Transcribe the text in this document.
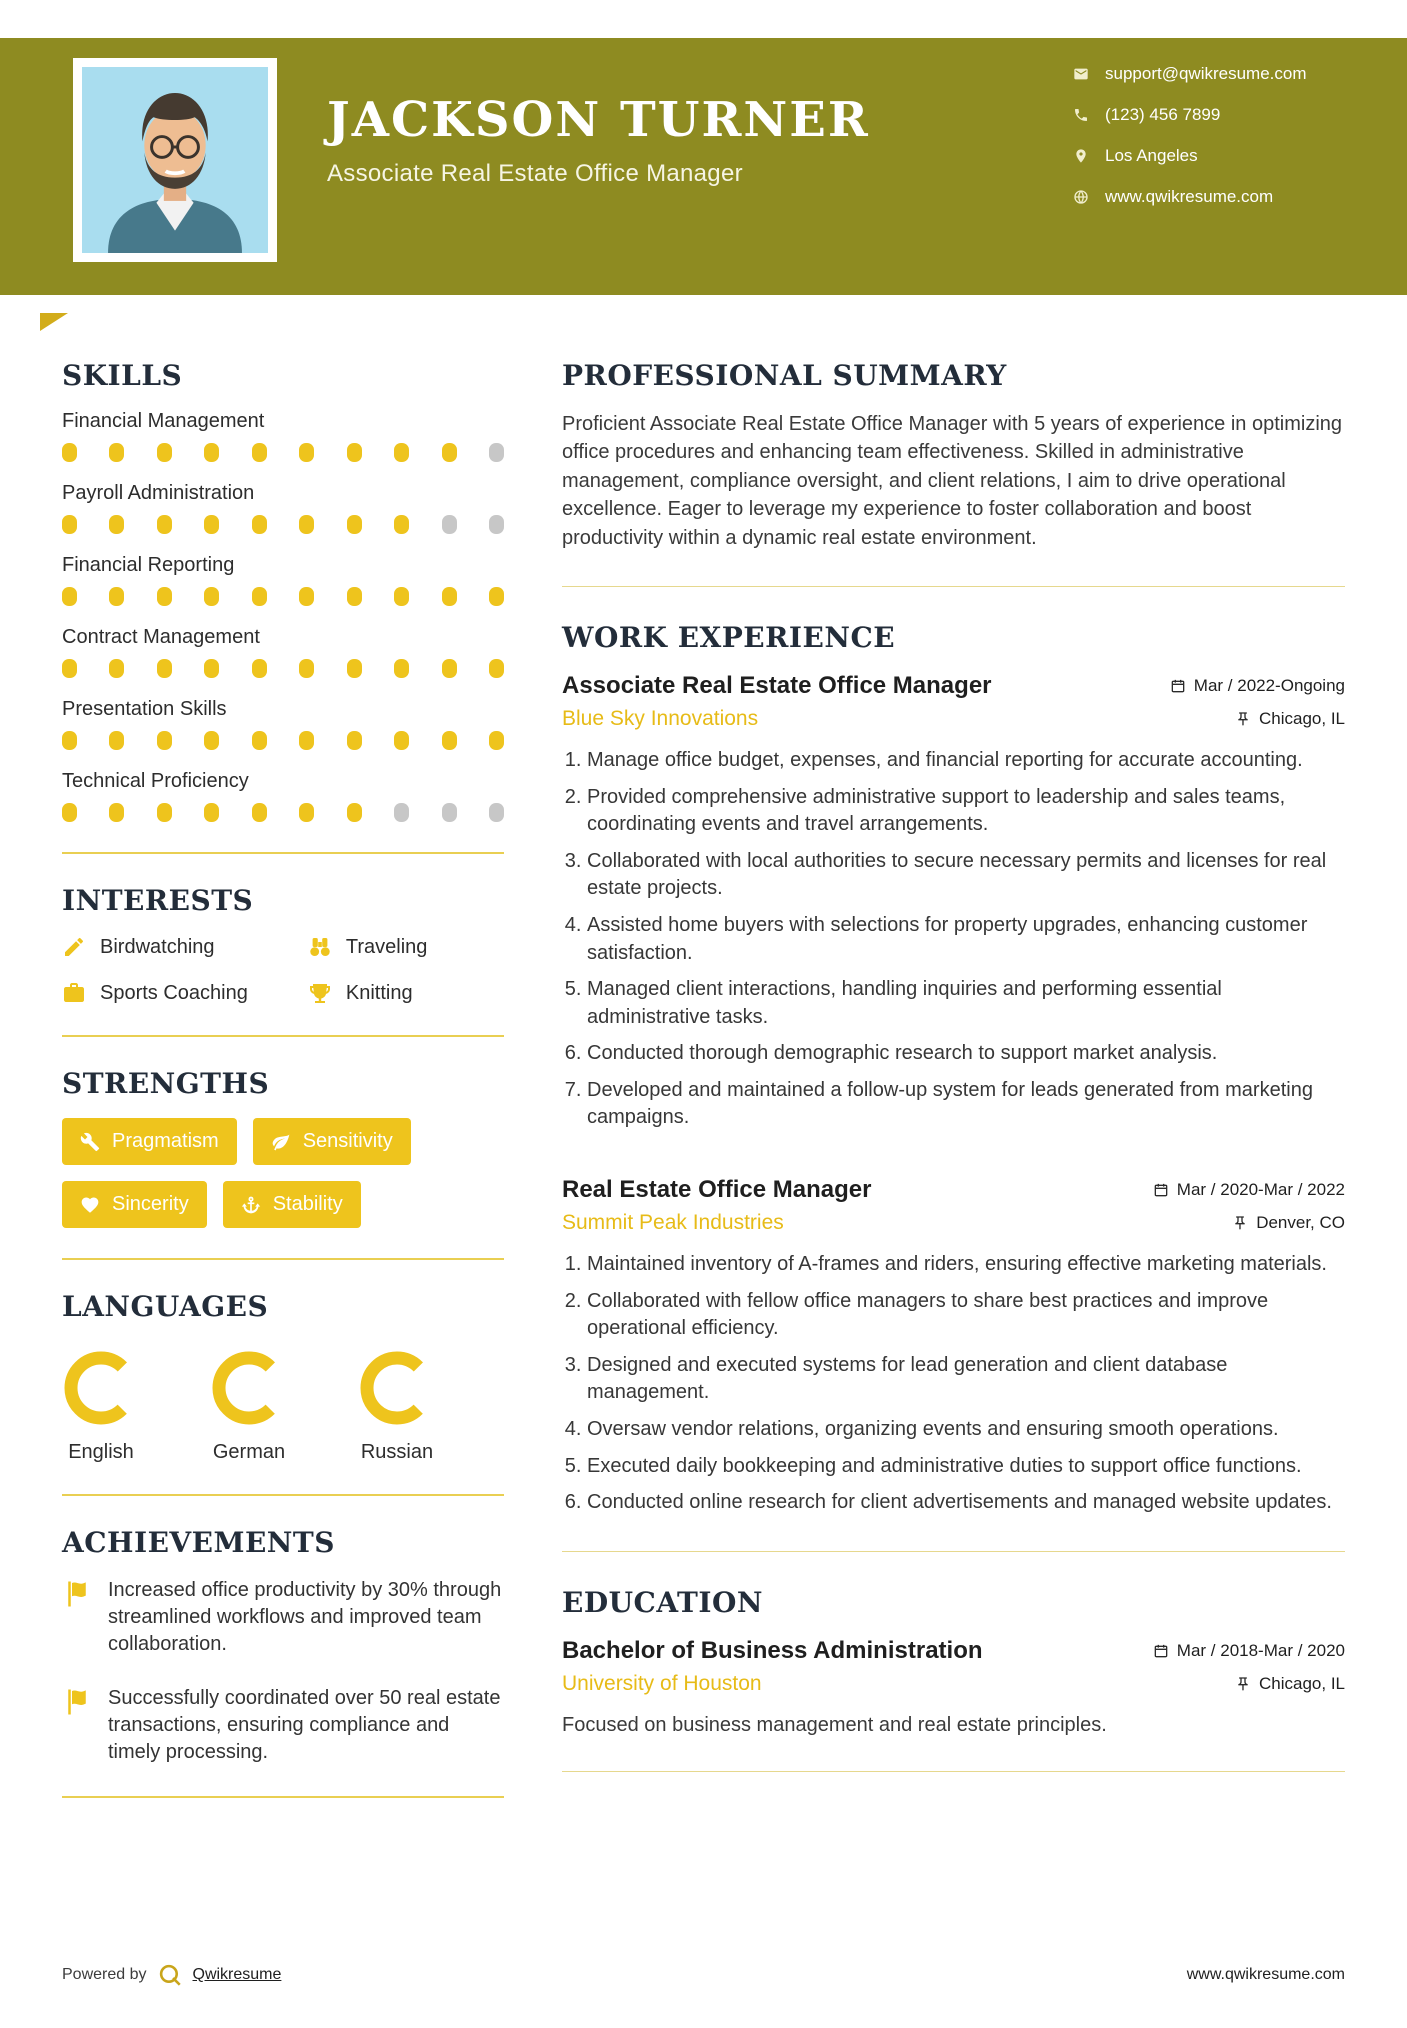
JACKSON TURNER
Associate Real Estate Office Manager
support@qwikresume.com
(123) 456 7899
Los Angeles
www.qwikresume.com
SKILLS
Financial Management
Payroll Administration
Financial Reporting
Contract Management
Presentation Skills
Technical Proficiency
INTERESTS
Birdwatching	Traveling
Sports Coaching	Knitting
STRENGTHS
Pragmatism	Sensitivity
Sincerity	Stability
LANGUAGES
English	German	Russian
ACHIEVEMENTS

Increased office productivity by 30% through streamlined workflows and improved team collaboration.

Successfully coordinated over 50 real estate transactions, ensuring compliance and timely processing.

PROFESSIONAL SUMMARY

Proficient Associate Real Estate Office Manager with 5 years of experience in optimizing office procedures and enhancing team effectiveness. Skilled in administrative management, compliance oversight, and client relations, I aim to drive operational excellence. Eager to leverage my experience to foster collaboration and boost productivity within a dynamic real estate environment.

WORK EXPERIENCE
Associate Real Estate Office Manager	Mar / 2022-Ongoing
Blue Sky Innovations	Chicago, IL
1. Manage office budget, expenses, and financial reporting for accurate accounting.
2. Provided comprehensive administrative support to leadership and sales teams, coordinating events and travel arrangements.
3. Collaborated with local authorities to secure necessary permits and licenses for real estate projects.
4. Assisted home buyers with selections for property upgrades, enhancing customer satisfaction.
5. Managed client interactions, handling inquiries and performing essential administrative tasks.
6. Conducted thorough demographic research to support market analysis.
7. Developed and maintained a follow-up system for leads generated from marketing campaigns.
Real Estate Office Manager	Mar / 2020-Mar / 2022
Summit Peak Industries	Denver, CO
1. Maintained inventory of A-frames and riders, ensuring effective marketing materials.
2. Collaborated with fellow office managers to share best practices and improve operational efficiency.
3. Designed and executed systems for lead generation and client database management.
4. Oversaw vendor relations, organizing events and ensuring smooth operations.
5. Executed daily bookkeeping and administrative duties to support office functions.
6. Conducted online research for client advertisements and managed website updates.
EDUCATION
Bachelor of Business Administration	Mar / 2018-Mar / 2020
University of Houston	Chicago, IL

Focused on business management and real estate principles.

Powered by	Qwikresume	www.qwikresume.com
